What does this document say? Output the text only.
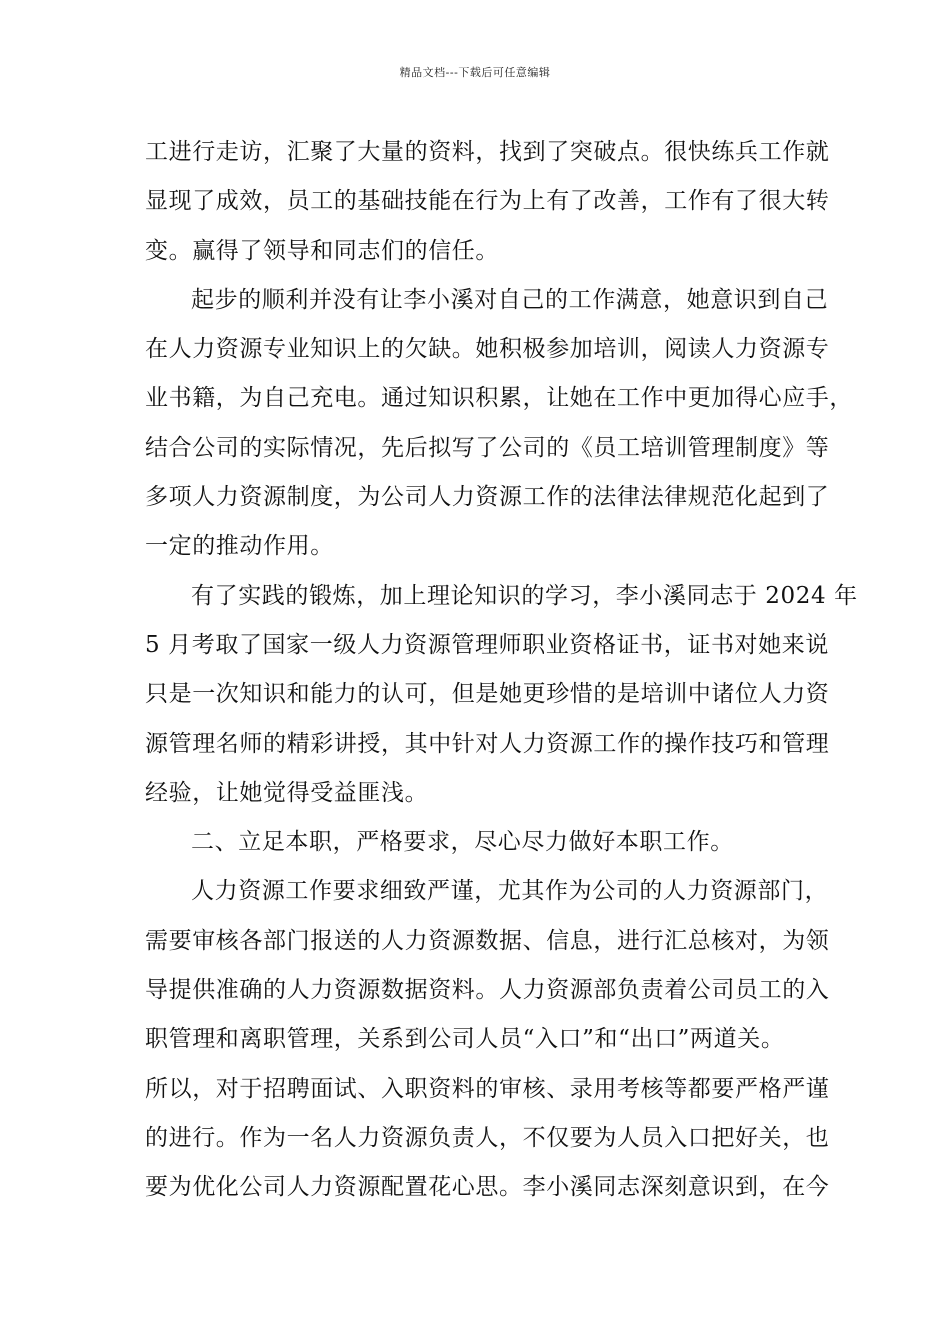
精品文档---下载后可任意编辑
工进行走访，汇聚了大量的资料，找到了突破点。很快练兵工作就
显现了成效，员工的基础技能在行为上有了改善，工作有了很大转
变。赢得了领导和同志们的信任。
起步的顺利并没有让李小溪对自己的工作满意，她意识到自己
在人力资源专业知识上的欠缺。她积极参加培训，阅读人力资源专
业书籍，为自己充电。通过知识积累，让她在工作中更加得心应手，
结合公司的实际情况，先后拟写了公司的《员工培训管理制度》等
多项人力资源制度，为公司人力资源工作的法律法律规范化起到了
一定的推动作用。
有了实践的锻炼，加上理论知识的学习，李小溪同志于 2024 年
5 月考取了国家一级人力资源管理师职业资格证书，证书对她来说
只是一次知识和能力的认可，但是她更珍惜的是培训中诸位人力资
源管理名师的精彩讲授，其中针对人力资源工作的操作技巧和管理
经验，让她觉得受益匪浅。
二、立足本职，严格要求，尽心尽力做好本职工作。
人力资源工作要求细致严谨，尤其作为公司的人力资源部门，
需要审核各部门报送的人力资源数据、信息，进行汇总核对，为领
导提供准确的人力资源数据资料。人力资源部负责着公司员工的入
职管理和离职管理，关系到公司人员“入口”和“出口”两道关。
所以，对于招聘面试、入职资料的审核、录用考核等都要严格严谨
的进行。作为一名人力资源负责人，不仅要为人员入口把好关，也
要为优化公司人力资源配置花心思。李小溪同志深刻意识到，在今
